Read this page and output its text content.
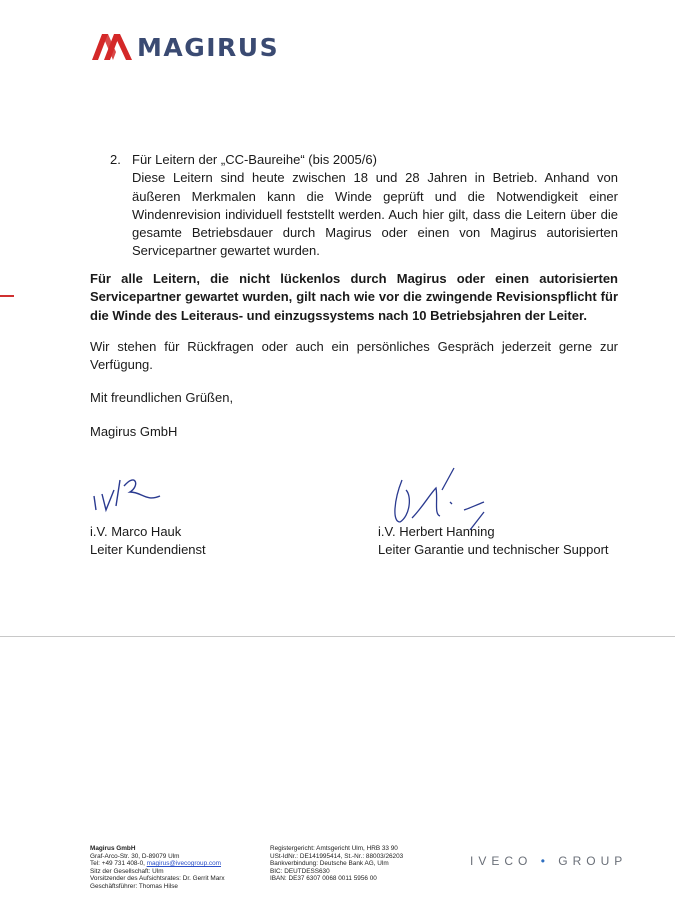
MAGIRUS
2. Für Leitern der „CC-Baureihe“ (bis 2005/6)
Diese Leitern sind heute zwischen 18 und 28 Jahren in Betrieb. Anhand von äußeren Merkmalen kann die Winde geprüft und die Notwendigkeit einer Windenrevision individuell feststellt werden. Auch hier gilt, dass die Leitern über die gesamte Betriebsdauer durch Magirus oder einen von Magirus autorisierten Servicepartner gewartet wurden.
Für alle Leitern, die nicht lückenlos durch Magirus oder einen autorisierten Servicepartner gewartet wurden, gilt nach wie vor die zwingende Revisionspflicht für die Winde des Leiteraus- und einzugssystems nach 10 Betriebsjahren der Leiter.
Wir stehen für Rückfragen oder auch ein persönliches Gespräch jederzeit gerne zur Verfügung.
Mit freundlichen Grüßen,
Magirus GmbH
i.V. Marco Hauk
Leiter Kundendienst
i.V. Herbert Hanning
Leiter Garantie und technischer Support
Magirus GmbH
Graf-Arco-Str. 30, D-89079 Ulm
Tel: +49 731 408-0, magirus@ivecogroup.com
Sitz der Gesellschaft: Ulm
Vorsitzender des Aufsichtsrates: Dr. Gerrit Marx
Geschäftsführer: Thomas Hilse
Registergericht: Amtsgericht Ulm, HRB 33 90
USt-IdNr.: DE141995414, St.-Nr.: 88003/26203
Bankverbindung: Deutsche Bank AG, Ulm
BIC: DEUTDESS630
IBAN: DE37 6307 0068 0011 5956 00
IVECO • GROUP
